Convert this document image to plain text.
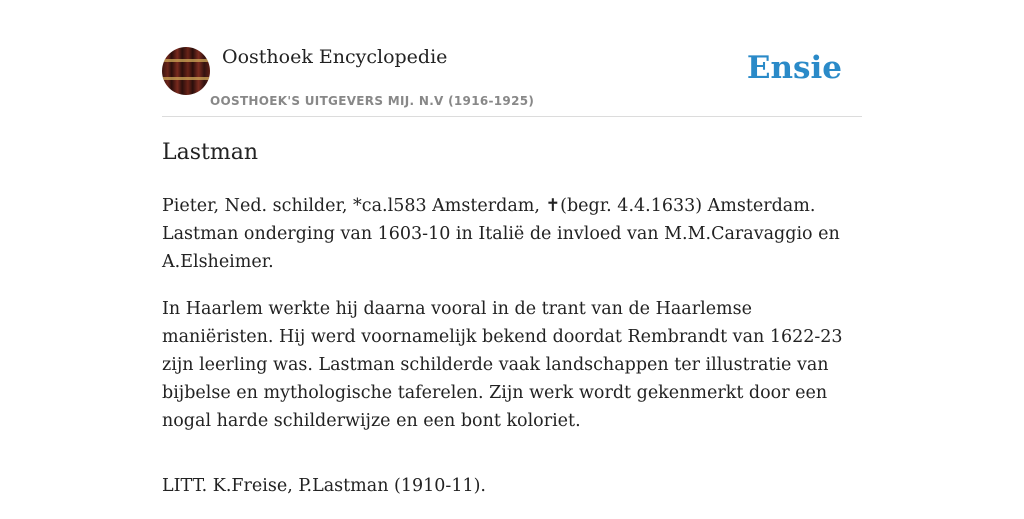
Oosthoek Encyclopedie
OOSTHOEK'S UITGEVERS MIJ. N.V (1916-1925)
Ensie
Lastman

Pieter, Ned. schilder, *ca.l583 Amsterdam, ✝(begr. 4.4.1633) Amsterdam. Lastman onderging van 1603-10 in Italië de invloed van M.M.Caravaggio en A.Elsheimer.

In Haarlem werkte hij daarna vooral in de trant van de Haarlemse maniëristen. Hij werd voornamelijk bekend doordat Rembrandt van 1622-23 zijn leerling was. Lastman schilderde vaak landschappen ter illustratie van bijbelse en mythologische taferelen. Zijn werk wordt gekenmerkt door een nogal harde schilderwijze en een bont koloriet.

LITT. K.Freise, P.Lastman (1910-11).
